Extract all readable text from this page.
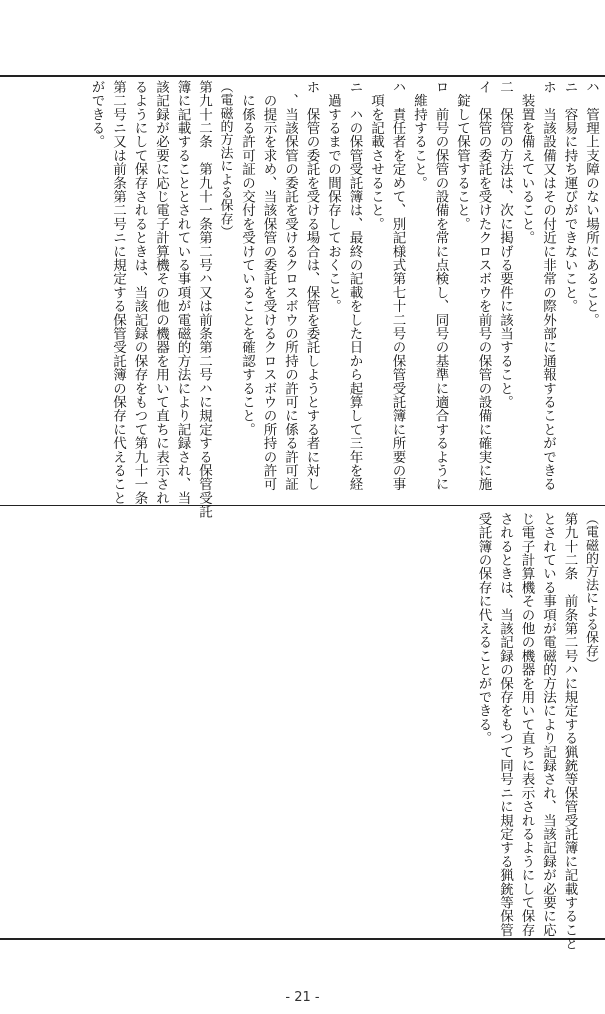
ハ　管理上支障のない場所にあること。
ニ　容易に持ち運びができないこと。
ホ　当該設備又はその付近に非常の際外部に通報することができる
　装置を備えていること。
二　保管の方法は、次に掲げる要件に該当すること。
イ　保管の委託を受けたクロスボウを前号の保管の設備に確実に施
　錠して保管すること。
ロ　前号の保管の設備を常に点検し、同号の基準に適合するように
　維持すること。
ハ　責任者を定めて、別記様式第七十二号の保管受託簿に所要の事
　項を記載させること。
ニ　ハの保管受託簿は、最終の記載をした日から起算して三年を経
　過するまでの間保存しておくこと。
ホ　保管の委託を受ける場合は、保管を委託しようとする者に対し
　、当該保管の委託を受けるクロスボウの所持の許可に係る許可証
　の提示を求め、当該保管の委託を受けるクロスボウの所持の許可
　に係る許可証の交付を受けていることを確認すること。
（電磁的方法による保存）
第九十二条　第九十一条第二号ハ又は前条第二号ハに規定する保管受託
簿に記載することとされている事項が電磁的方法により記録され、当
該記録が必要に応じ電子計算機その他の機器を用いて直ちに表示され
るようにして保存されるときは、当該記録の保存をもつて第九十一条
第二号ニ又は前条第二号ニに規定する保管受託簿の保存に代えること
ができる。
（電磁的方法による保存）
第九十二条　前条第二号ハに規定する猟銃等保管受託簿に記載すること
とされている事項が電磁的方法により記録され、当該記録が必要に応
じ電子計算機その他の機器を用いて直ちに表示されるようにして保存
されるときは、当該記録の保存をもつて同号ニに規定する猟銃等保管
受託簿の保存に代えることができる。
- 21 -
